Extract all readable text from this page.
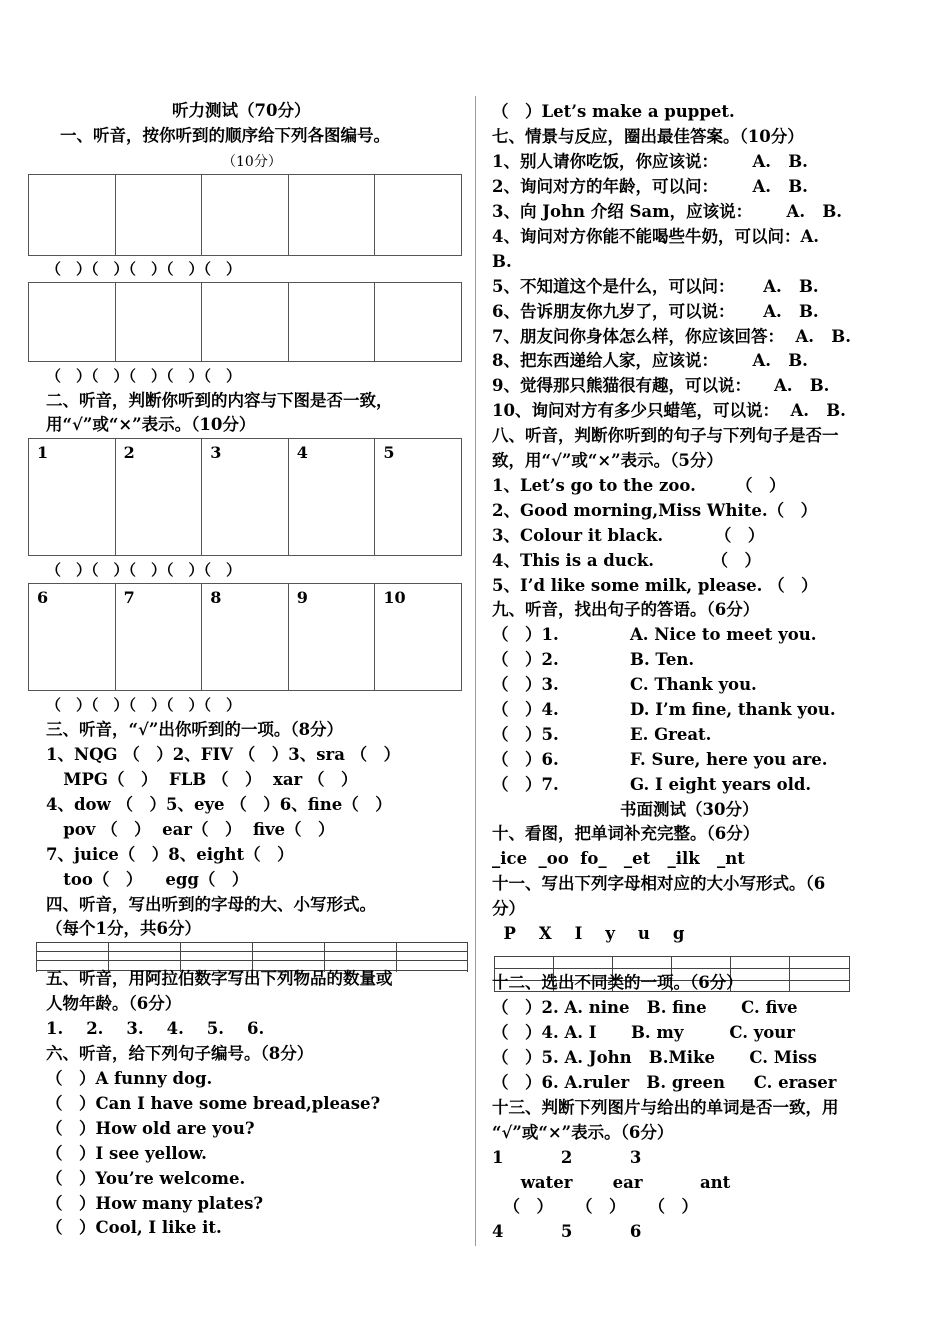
听力测试（70分）
一、听音，按你听到的顺序给下列各图编号。
（10分）

（　）（　）（　）（　）（　）

（　）（　）（　）（　）（　）
二、听音，判断你听到的内容与下图是否一致，
用“√”或“×”表示。（10分）
1	2	3	4	5
（　）（　）（　）（　）（　）
6	7	8	9	10
（　）（　）（　）（　）（　）
三、听音，“√”出你听到的一项。（8分）
1、NQG （　）2、FIV （　）3、sra （　）
MPG（　）  FLB （　）  xar （　）
4、dow （　）5、eye （　）6、fine（　）
pov （　）  ear（　）  five（　）
7、juice（　）8、eight（　）
too（　）    egg（　）
四、听音，写出听到的字母的大、小写形式。
（每个1分，共6分）
五、听音，用阿拉伯数字写出下列物品的数量或
人物年龄。（6分）
1.    2.    3.    4.    5.    6.
六、听音，给下列句子编号。（8分）
（　）A funny dog.
（　）Can I have some bread,please?
（　）How old are you?
（　）I see yellow.
（　）You’re welcome.
（　）How many plates?
（　）Cool, I like it.
（　）Let’s make a puppet.
七、情景与反应，圈出最佳答案。（10分）
1、别人请你吃饭，你应该说：      A.   B.
2、询问对方的年龄，可以问：      A.   B.
3、向 John 介绍 Sam，应该说：      A.   B.
4、询问对方你能不能喝些牛奶，可以问：A.
B.
5、不知道这个是什么，可以问：     A.   B.
6、告诉朋友你九岁了，可以说：     A.   B.
7、朋友问你身体怎么样，你应该回答：  A.   B.
8、把东西递给人家，应该说：      A.   B.
9、觉得那只熊猫很有趣，可以说：    A.   B.
10、询问对方有多少只蜡笔，可以说：  A.   B.
八、听音，判断你听到的句子与下列句子是否一
致，用“√”或“×”表示。（5分）
1、Let’s go to the zoo.       （　）
2、Good morning,Miss White.（　）
3、Colour it black.         （　）
4、This is a duck.          （　）
5、I’d like some milk, please. （　）
九、听音，找出句子的答语。（6分）
（　）1.	A. Nice to meet you.
（　）2.	B. Ten.
（　）3.	C. Thank you.
（　）4.	D. I’m fine, thank you.
（　）5.	E. Great.
（　）6.	F. Sure, here you are.
（　）7.	G. I eight years old.
书面测试（30分）
十、看图，把单词补充完整。（6分）
_ice  _oo  fo_   _et   _ilk   _nt
十一、写出下列字母相对应的大小写形式。（6
分）
P    X    I    y    u    g
十二、选出不同类的一项。（6分）
（　）2. A. nine   B. fine      C. five
（　）4. A. I      B. my        C. your
（　）5. A. John   B.Mike      C. Miss
（　）6. A.ruler   B. green     C. eraser
十三、判断下列图片与给出的单词是否一致，用
“√”或“×”表示。（6分）
1          2          3
water       ear          ant
（　）    （　）    （　）
4          5          6
